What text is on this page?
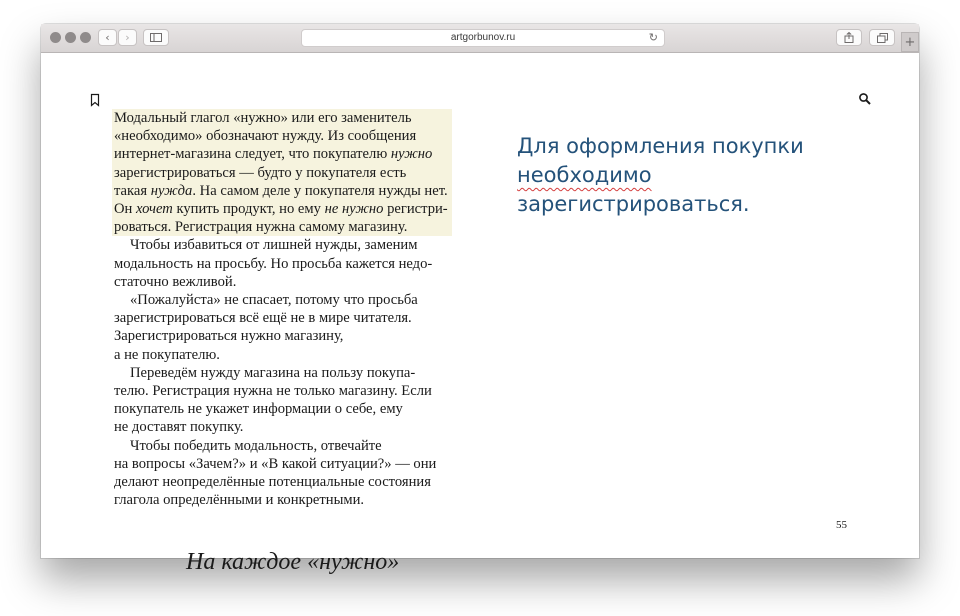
‹ ›	artgorbunov.ru	↻	+
Модальный глагол «нужно» или его заменитель
«необходимо» обозначают нужду. Из сообщения
интернет-магазина следует, что покупателю нужно
зарегистрироваться — будто у покупателя есть
такая нужда. На самом деле у покупателя нужды нет.
Он хочет купить продукт, но ему не нужно регистри-
роваться. Регистрация нужна самому магазину.
Чтобы избавиться от лишней нужды, заменим
модальность на просьбу. Но просьба кажется недо-
статочно вежливой.
«Пожалуйста» не спасает, потому что просьба
зарегистрироваться всё ещё не в мире читателя.
Зарегистрироваться нужно магазину,
а не покупателю.
Переведём нужду магазина на пользу покупа-
телю. Регистрация нужна не только магазину. Если
покупатель не укажет информации о себе, ему
не доставят покупку.
Чтобы победить модальность, отвечайте
на вопросы «Зачем?» и «В какой ситуации?» — они
делают неопределённые потенциальные состояния
глагола определёнными и конкретными.
На каждое «нужно»
Для оформления покупки
необходимо
зарегистрироваться.
55
